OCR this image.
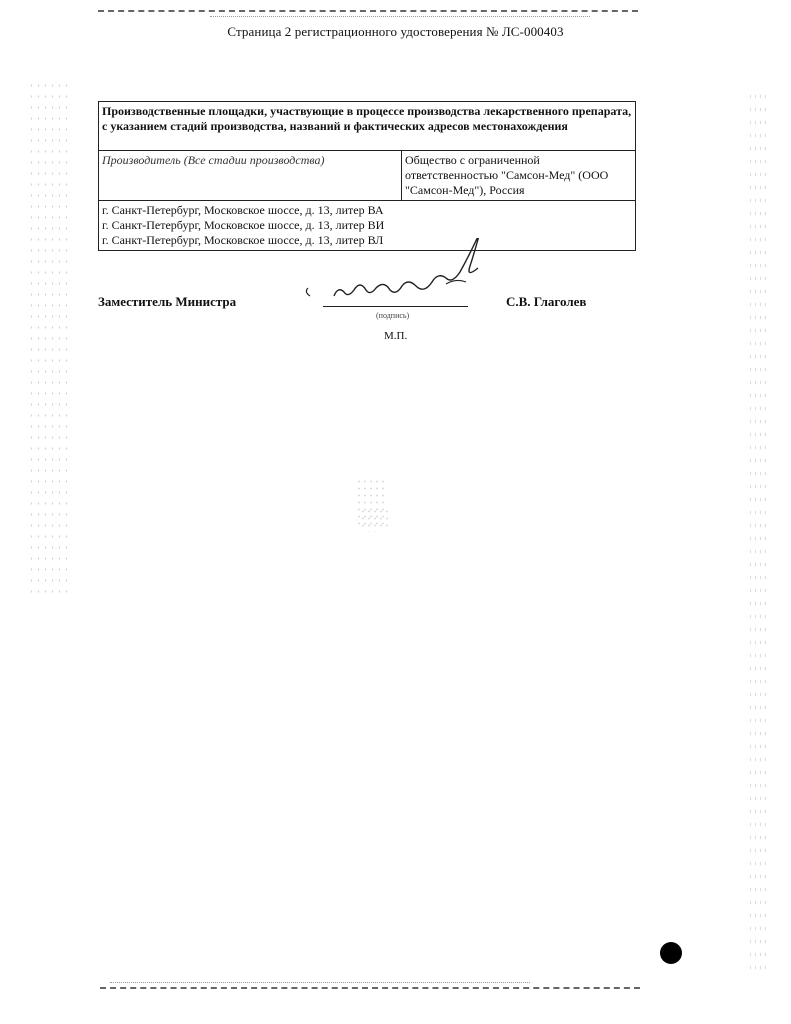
Страница 2 регистрационного удостоверения № ЛС-000403
Производственные площадки, участвующие в процессе производства лекарственного препарата, с указанием стадий производства, названий и фактических адресов местонахождения
Производитель (Все стадии производства)	Общество с ограниченной ответственностью "Самсон-Мед" (ООО "Самсон-Мед"), Россия

г. Санкт-Петербург, Московское шоссе, д. 13, литер ВА
г. Санкт-Петербург, Московское шоссе, д. 13, литер ВИ
г. Санкт-Петербург, Московское шоссе, д. 13, литер ВЛ
Заместитель Министра
(подпись)
С.В. Глаголев
М.П.
